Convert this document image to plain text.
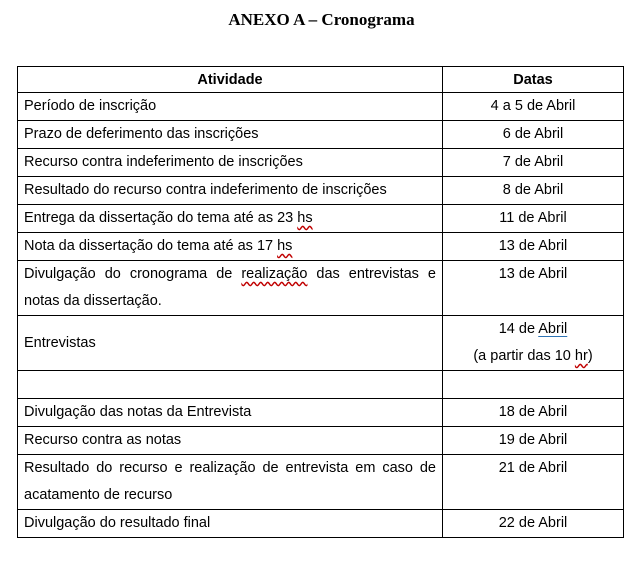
ANEXO A – Cronograma
Atividade	Datas
Período de inscrição	4 a 5 de Abril
Prazo de deferimento das inscrições	6 de Abril
Recurso contra indeferimento de inscrições	7 de Abril
Resultado do recurso contra indeferimento de inscrições	8 de Abril
Entrega da dissertação do tema até as 23 hs	11 de Abril
Nota da dissertação do tema até as 17 hs	13 de Abril
Divulgação do cronograma de realização das entrevistas e notas da dissertação.	13 de Abril
Entrevistas	14 de Abril
(a partir das 10 hr)

Divulgação das notas da Entrevista	18 de Abril
Recurso contra as notas	19 de Abril
Resultado do recurso e realização de entrevista em caso de acatamento de recurso	21 de Abril
Divulgação do resultado final	22 de Abril
